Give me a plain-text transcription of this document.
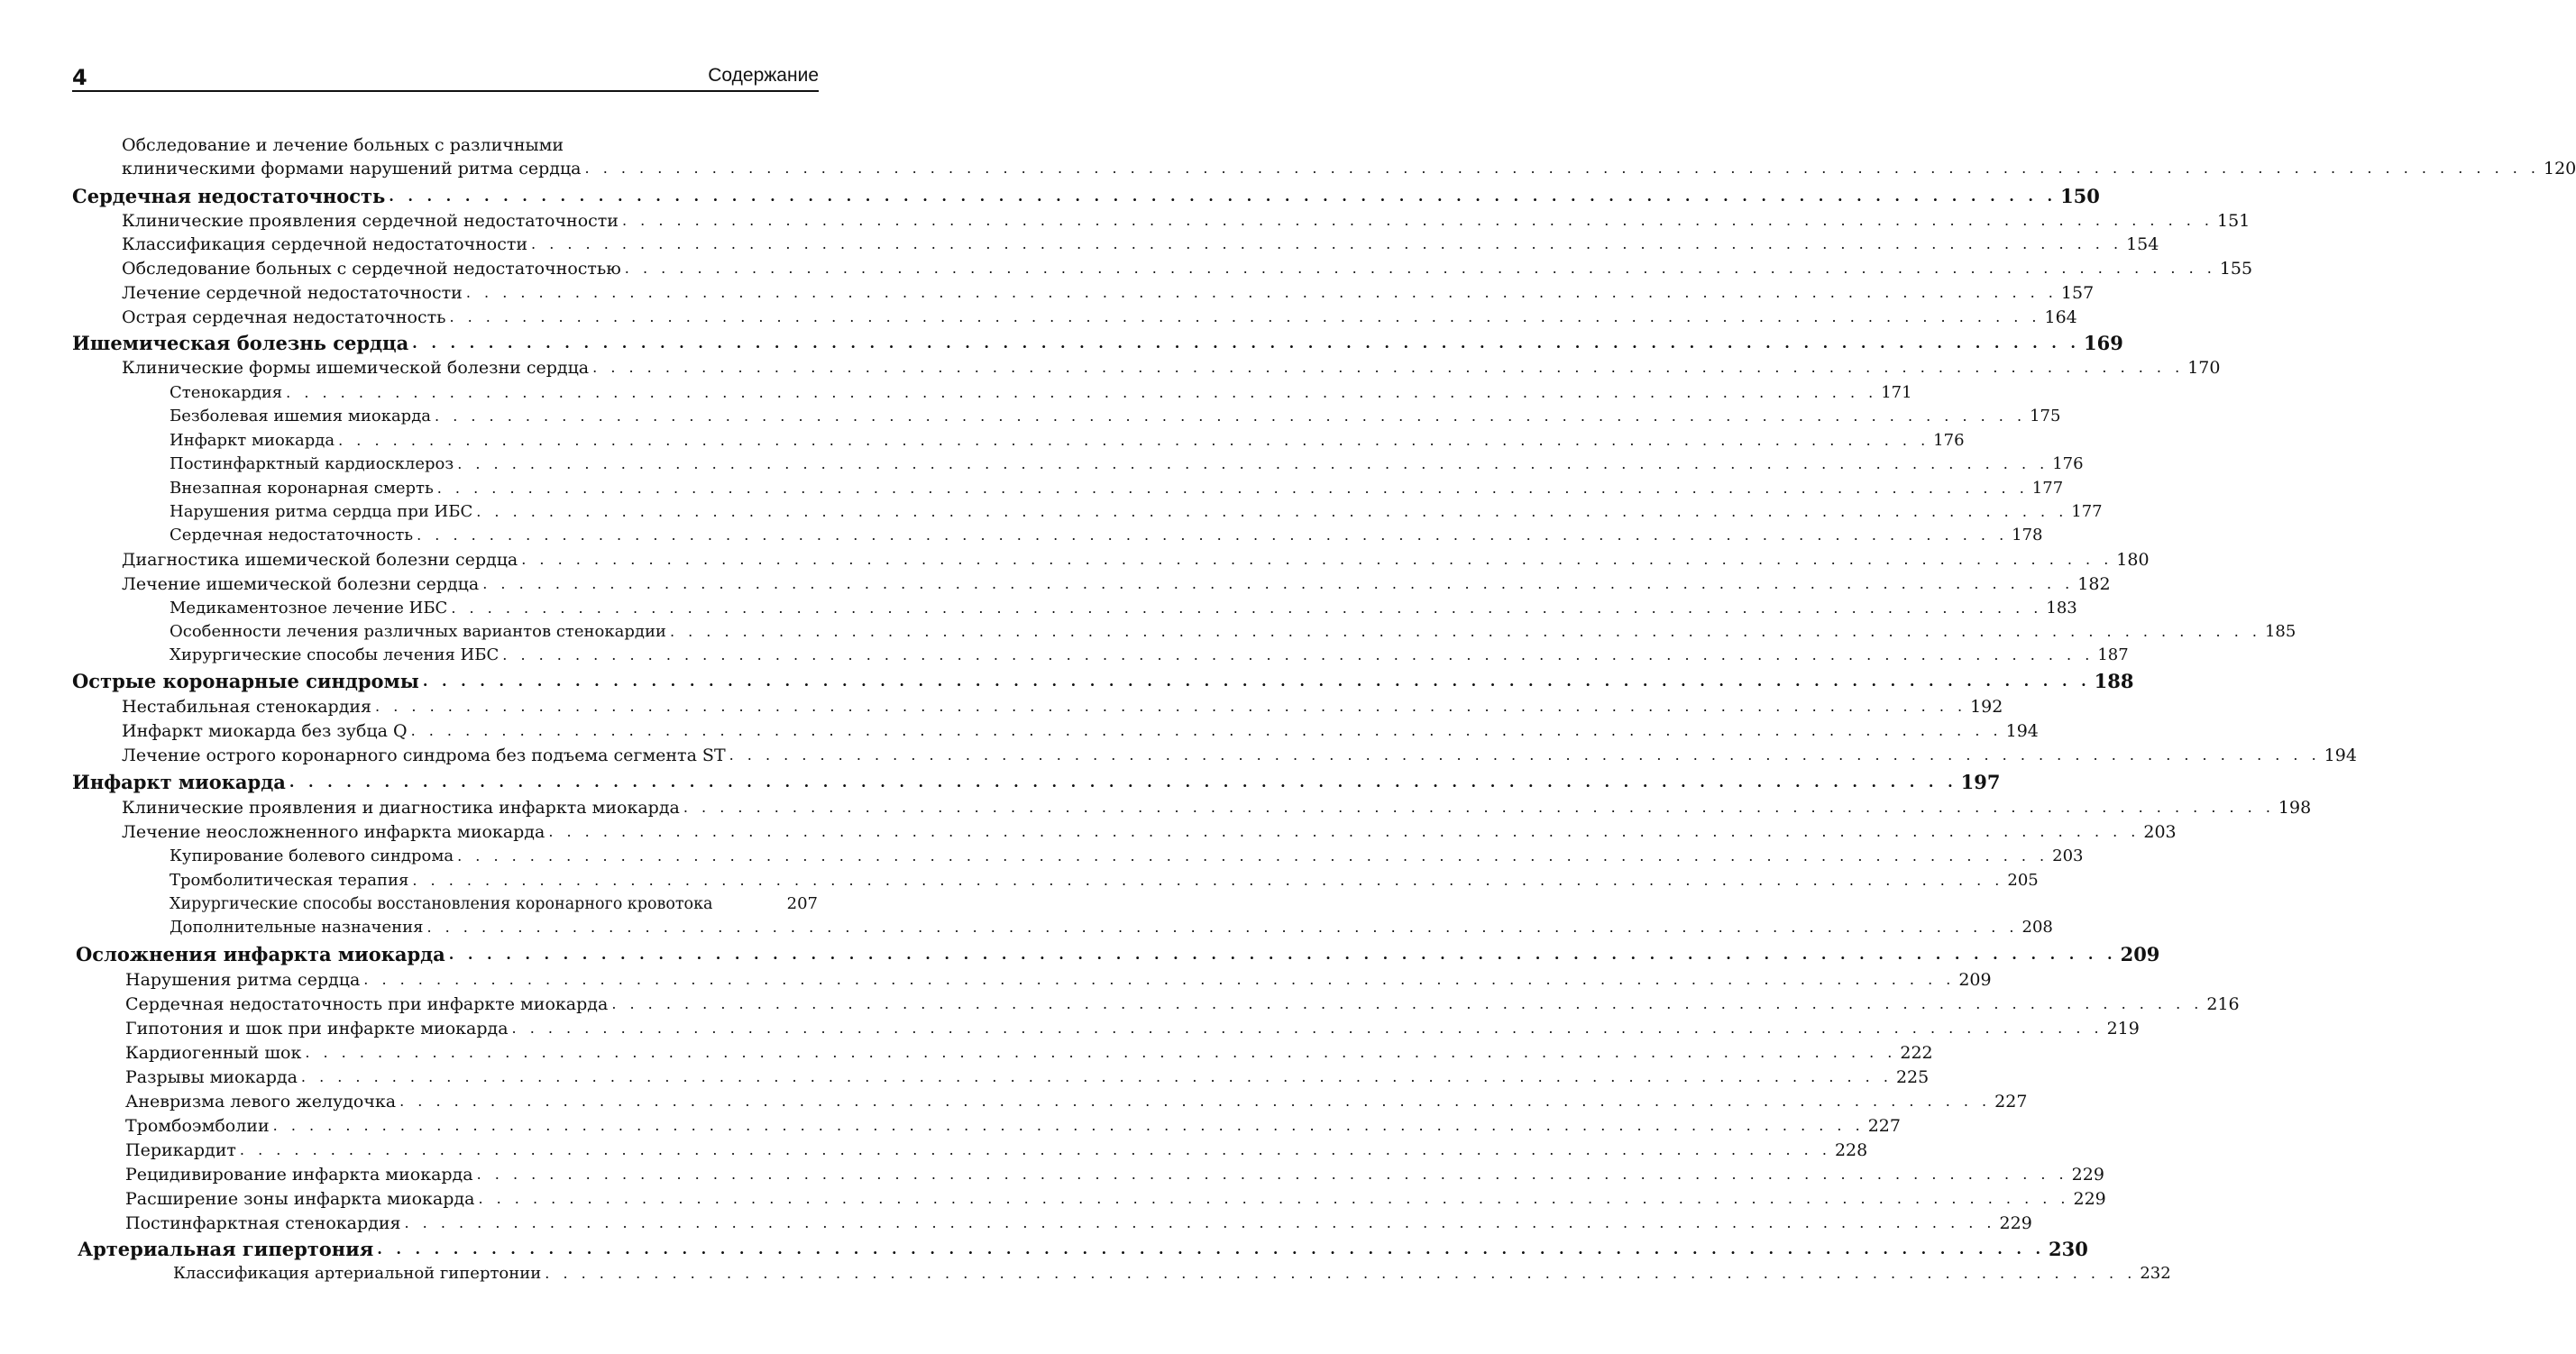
4	Содержание
Обследование и лечение больных с различными
клиническими формами нарушений ритма сердца . . . . . . . . . . . . . . . . . . . . . . . . . . . . . . . . . . . . . . . . . . . . . . . . . . . . . . . . . . . . . . . . . . . . . . . . . . . . . . . . . . . . . . . . . . . . . . . . . . . . . . . . . . . . 120
Сердечная недостаточность . . . . . . . . . . . . . . . . . . . . . . . . . . . . . . . . . . . . . . . . . . . . . . . . . . . . . . . . . . . . . . . . . . . . . . . . . . . . . . . . . . . . . . . . 150
Клинические проявления сердечной недостаточности . . . . . . . . . . . . . . . . . . . . . . . . . . . . . . . . . . . . . . . . . . . . . . . . . . . . . . . . . . . . . . . . . . . . . . . . . . . . . . . . . . . . . . . . 151
Классификация сердечной недостаточности . . . . . . . . . . . . . . . . . . . . . . . . . . . . . . . . . . . . . . . . . . . . . . . . . . . . . . . . . . . . . . . . . . . . . . . . . . . . . . . . . . . . . . . . 154
Обследование больных с сердечной недостаточностью . . . . . . . . . . . . . . . . . . . . . . . . . . . . . . . . . . . . . . . . . . . . . . . . . . . . . . . . . . . . . . . . . . . . . . . . . . . . . . . . . . . . . . . . 155
Лечение сердечной недостаточности . . . . . . . . . . . . . . . . . . . . . . . . . . . . . . . . . . . . . . . . . . . . . . . . . . . . . . . . . . . . . . . . . . . . . . . . . . . . . . . . . . . . . . . . 157
Острая сердечная недостаточность . . . . . . . . . . . . . . . . . . . . . . . . . . . . . . . . . . . . . . . . . . . . . . . . . . . . . . . . . . . . . . . . . . . . . . . . . . . . . . . . . . . . . . . . 164
Ишемическая болезнь сердца . . . . . . . . . . . . . . . . . . . . . . . . . . . . . . . . . . . . . . . . . . . . . . . . . . . . . . . . . . . . . . . . . . . . . . . . . . . . . . . . . . . . . . . . 169
Клинические формы ишемической болезни сердца . . . . . . . . . . . . . . . . . . . . . . . . . . . . . . . . . . . . . . . . . . . . . . . . . . . . . . . . . . . . . . . . . . . . . . . . . . . . . . . . . . . . . . . . 170
Стенокардия . . . . . . . . . . . . . . . . . . . . . . . . . . . . . . . . . . . . . . . . . . . . . . . . . . . . . . . . . . . . . . . . . . . . . . . . . . . . . . . . . . . . . . . . 171
Безболевая ишемия миокарда . . . . . . . . . . . . . . . . . . . . . . . . . . . . . . . . . . . . . . . . . . . . . . . . . . . . . . . . . . . . . . . . . . . . . . . . . . . . . . . . . . . . . . . . 175
Инфаркт миокарда . . . . . . . . . . . . . . . . . . . . . . . . . . . . . . . . . . . . . . . . . . . . . . . . . . . . . . . . . . . . . . . . . . . . . . . . . . . . . . . . . . . . . . . . 176
Постинфарктный кардиосклероз . . . . . . . . . . . . . . . . . . . . . . . . . . . . . . . . . . . . . . . . . . . . . . . . . . . . . . . . . . . . . . . . . . . . . . . . . . . . . . . . . . . . . . . . 176
Внезапная коронарная смерть . . . . . . . . . . . . . . . . . . . . . . . . . . . . . . . . . . . . . . . . . . . . . . . . . . . . . . . . . . . . . . . . . . . . . . . . . . . . . . . . . . . . . . . . 177
Нарушения ритма сердца при ИБС . . . . . . . . . . . . . . . . . . . . . . . . . . . . . . . . . . . . . . . . . . . . . . . . . . . . . . . . . . . . . . . . . . . . . . . . . . . . . . . . . . . . . . . . 177
Сердечная недостаточность . . . . . . . . . . . . . . . . . . . . . . . . . . . . . . . . . . . . . . . . . . . . . . . . . . . . . . . . . . . . . . . . . . . . . . . . . . . . . . . . . . . . . . . . 178
Диагностика ишемической болезни сердца . . . . . . . . . . . . . . . . . . . . . . . . . . . . . . . . . . . . . . . . . . . . . . . . . . . . . . . . . . . . . . . . . . . . . . . . . . . . . . . . . . . . . . . . 180
Лечение ишемической болезни сердца . . . . . . . . . . . . . . . . . . . . . . . . . . . . . . . . . . . . . . . . . . . . . . . . . . . . . . . . . . . . . . . . . . . . . . . . . . . . . . . . . . . . . . . . 182
Медикаментозное лечение ИБС . . . . . . . . . . . . . . . . . . . . . . . . . . . . . . . . . . . . . . . . . . . . . . . . . . . . . . . . . . . . . . . . . . . . . . . . . . . . . . . . . . . . . . . . 183
Особенности лечения различных вариантов стенокардии . . . . . . . . . . . . . . . . . . . . . . . . . . . . . . . . . . . . . . . . . . . . . . . . . . . . . . . . . . . . . . . . . . . . . . . . . . . . . . . . . . . . . . . . 185
Хирургические способы лечения ИБС . . . . . . . . . . . . . . . . . . . . . . . . . . . . . . . . . . . . . . . . . . . . . . . . . . . . . . . . . . . . . . . . . . . . . . . . . . . . . . . . . . . . . . . . 187
Острые коронарные синдромы . . . . . . . . . . . . . . . . . . . . . . . . . . . . . . . . . . . . . . . . . . . . . . . . . . . . . . . . . . . . . . . . . . . . . . . . . . . . . . . . . . . . . . . . 188
Нестабильная стенокардия . . . . . . . . . . . . . . . . . . . . . . . . . . . . . . . . . . . . . . . . . . . . . . . . . . . . . . . . . . . . . . . . . . . . . . . . . . . . . . . . . . . . . . . . 192
Инфаркт миокарда без зубца Q . . . . . . . . . . . . . . . . . . . . . . . . . . . . . . . . . . . . . . . . . . . . . . . . . . . . . . . . . . . . . . . . . . . . . . . . . . . . . . . . . . . . . . . . 194
Лечение острого коронарного синдрома без подъема сегмента ST . . . . . . . . . . . . . . . . . . . . . . . . . . . . . . . . . . . . . . . . . . . . . . . . . . . . . . . . . . . . . . . . . . . . . . . . . . . . . . . . . . . . . . . . 194
Инфаркт миокарда . . . . . . . . . . . . . . . . . . . . . . . . . . . . . . . . . . . . . . . . . . . . . . . . . . . . . . . . . . . . . . . . . . . . . . . . . . . . . . . . . . . . . . . . 197
Клинические проявления и диагностика инфаркта миокарда . . . . . . . . . . . . . . . . . . . . . . . . . . . . . . . . . . . . . . . . . . . . . . . . . . . . . . . . . . . . . . . . . . . . . . . . . . . . . . . . . . . . . . . . 198
Лечение неосложненного инфаркта миокарда . . . . . . . . . . . . . . . . . . . . . . . . . . . . . . . . . . . . . . . . . . . . . . . . . . . . . . . . . . . . . . . . . . . . . . . . . . . . . . . . . . . . . . . . 203
Купирование болевого синдрома . . . . . . . . . . . . . . . . . . . . . . . . . . . . . . . . . . . . . . . . . . . . . . . . . . . . . . . . . . . . . . . . . . . . . . . . . . . . . . . . . . . . . . . . 203
Тромболитическая терапия . . . . . . . . . . . . . . . . . . . . . . . . . . . . . . . . . . . . . . . . . . . . . . . . . . . . . . . . . . . . . . . . . . . . . . . . . . . . . . . . . . . . . . . . 205
Хирургические способы восстановления коронарного кровотока	207
Дополнительные назначения . . . . . . . . . . . . . . . . . . . . . . . . . . . . . . . . . . . . . . . . . . . . . . . . . . . . . . . . . . . . . . . . . . . . . . . . . . . . . . . . . . . . . . . . 208
Осложнения инфаркта миокарда . . . . . . . . . . . . . . . . . . . . . . . . . . . . . . . . . . . . . . . . . . . . . . . . . . . . . . . . . . . . . . . . . . . . . . . . . . . . . . . . . . . . . . . . 209
Нарушения ритма сердца . . . . . . . . . . . . . . . . . . . . . . . . . . . . . . . . . . . . . . . . . . . . . . . . . . . . . . . . . . . . . . . . . . . . . . . . . . . . . . . . . . . . . . . . 209
Сердечная недостаточность при инфаркте миокарда . . . . . . . . . . . . . . . . . . . . . . . . . . . . . . . . . . . . . . . . . . . . . . . . . . . . . . . . . . . . . . . . . . . . . . . . . . . . . . . . . . . . . . . . 216
Гипотония и шок при инфаркте миокарда . . . . . . . . . . . . . . . . . . . . . . . . . . . . . . . . . . . . . . . . . . . . . . . . . . . . . . . . . . . . . . . . . . . . . . . . . . . . . . . . . . . . . . . . 219
Кардиогенный шок . . . . . . . . . . . . . . . . . . . . . . . . . . . . . . . . . . . . . . . . . . . . . . . . . . . . . . . . . . . . . . . . . . . . . . . . . . . . . . . . . . . . . . . . 222
Разрывы миокарда . . . . . . . . . . . . . . . . . . . . . . . . . . . . . . . . . . . . . . . . . . . . . . . . . . . . . . . . . . . . . . . . . . . . . . . . . . . . . . . . . . . . . . . . 225
Аневризма левого желудочка . . . . . . . . . . . . . . . . . . . . . . . . . . . . . . . . . . . . . . . . . . . . . . . . . . . . . . . . . . . . . . . . . . . . . . . . . . . . . . . . . . . . . . . . 227
Тромбоэмболии . . . . . . . . . . . . . . . . . . . . . . . . . . . . . . . . . . . . . . . . . . . . . . . . . . . . . . . . . . . . . . . . . . . . . . . . . . . . . . . . . . . . . . . . 227
Перикардит . . . . . . . . . . . . . . . . . . . . . . . . . . . . . . . . . . . . . . . . . . . . . . . . . . . . . . . . . . . . . . . . . . . . . . . . . . . . . . . . . . . . . . . . 228
Рецидивирование инфаркта миокарда . . . . . . . . . . . . . . . . . . . . . . . . . . . . . . . . . . . . . . . . . . . . . . . . . . . . . . . . . . . . . . . . . . . . . . . . . . . . . . . . . . . . . . . . 229
Расширение зоны инфаркта миокарда . . . . . . . . . . . . . . . . . . . . . . . . . . . . . . . . . . . . . . . . . . . . . . . . . . . . . . . . . . . . . . . . . . . . . . . . . . . . . . . . . . . . . . . . 229
Постинфарктная стенокардия . . . . . . . . . . . . . . . . . . . . . . . . . . . . . . . . . . . . . . . . . . . . . . . . . . . . . . . . . . . . . . . . . . . . . . . . . . . . . . . . . . . . . . . . 229
Артериальная гипертония . . . . . . . . . . . . . . . . . . . . . . . . . . . . . . . . . . . . . . . . . . . . . . . . . . . . . . . . . . . . . . . . . . . . . . . . . . . . . . . . . . . . . . . . 230
Классификация артериальной гипертонии . . . . . . . . . . . . . . . . . . . . . . . . . . . . . . . . . . . . . . . . . . . . . . . . . . . . . . . . . . . . . . . . . . . . . . . . . . . . . . . . . . . . . . . . 232
